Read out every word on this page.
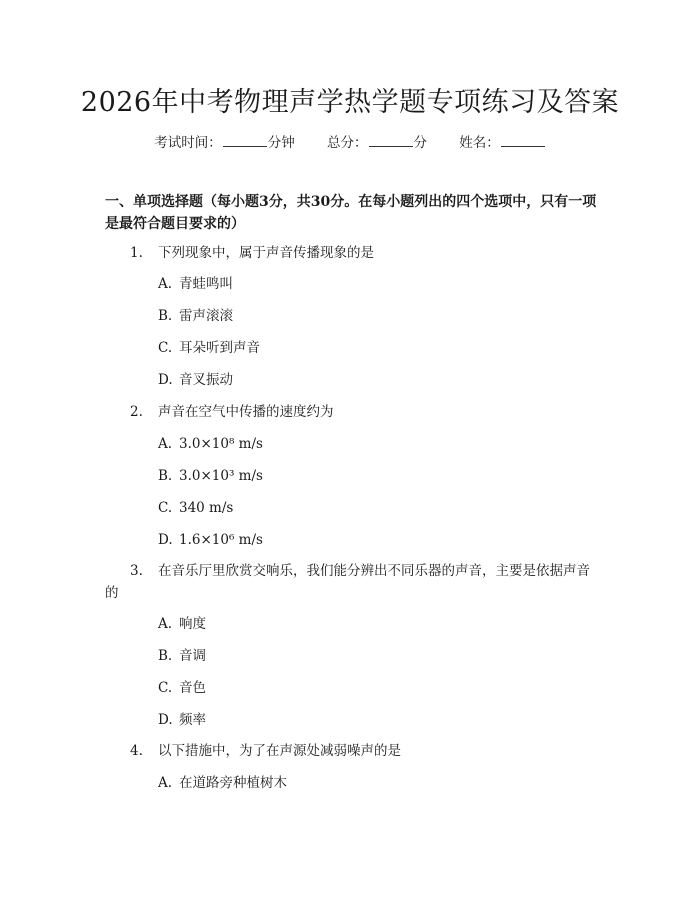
2026年中考物理声学热学题专项练习及答案
考试时间：	分钟 总分：	分 姓名：

一、单项选择题（每小题3分，共30分。在每小题列出的四个选项中，只有一项是最符合题目要求的）

1. 下列现象中，属于声音传播现象的是
A. 青蛙鸣叫
B. 雷声滚滚
C. 耳朵听到声音
D. 音叉振动
2. 声音在空气中传播的速度约为
A. 3.0×10⁸ m/s
B. 3.0×10³ m/s
C. 340 m/s
D. 1.6×10⁶ m/s
3. 在音乐厅里欣赏交响乐，我们能分辨出不同乐器的声音，主要是依据声音的
A. 响度
B. 音调
C. 音色
D. 频率
4. 以下措施中，为了在声源处减弱噪声的是
A. 在道路旁种植树木
